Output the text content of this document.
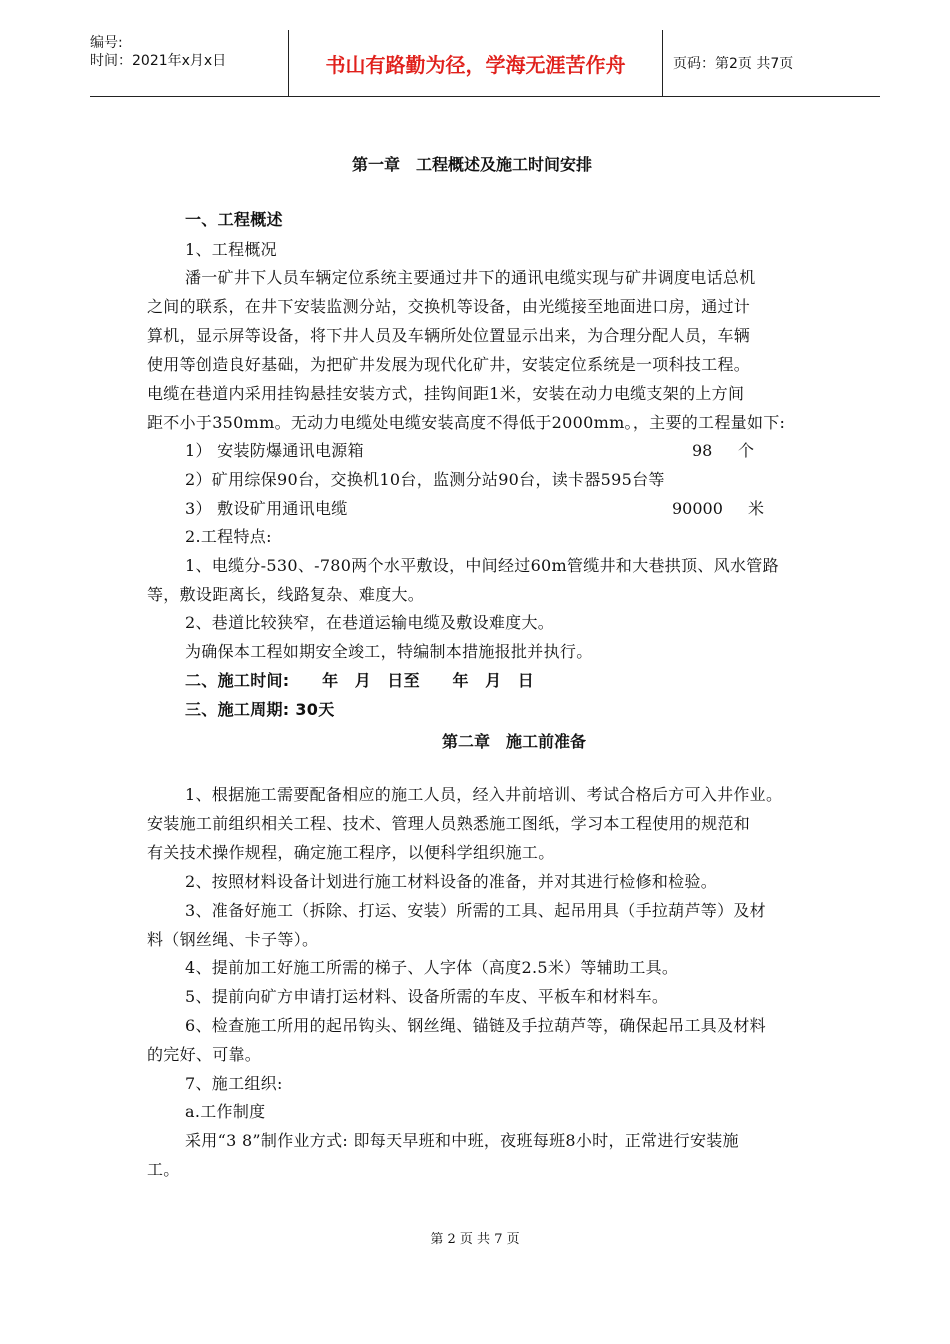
编号:
时间：2021年x月x日	书山有路勤为径，学海无涯苦作舟	页码：第2页 共7页
第一章　工程概述及施工时间安排
一、工程概述
1、工程概况
潘一矿井下人员车辆定位系统主要通过井下的通讯电缆实现与矿井调度电话总机
之间的联系，在井下安装监测分站，交换机等设备，由光缆接至地面进口房，通过计
算机，显示屏等设备，将下井人员及车辆所处位置显示出来，为合理分配人员，车辆
使用等创造良好基础，为把矿井发展为现代化矿井，安装定位系统是一项科技工程。
电缆在巷道内采用挂钩悬挂安装方式，挂钩间距1米，安装在动力电缆支架的上方间
距不小于350mm。无动力电缆处电缆安装高度不得低于2000mm。，主要的工程量如下:
1） 安装防爆通讯电源箱	98 个
2）矿用综保90台，交换机10台，监测分站90台，读卡器595台等
3） 敷设矿用通讯电缆	90000 米
2.工程特点:
1、电缆分-530、-780两个水平敷设，中间经过60m管缆井和大巷拱顶、风水管路
等，敷设距离长，线路复杂、难度大。
2、巷道比较狭窄，在巷道运输电缆及敷设难度大。
为确保本工程如期安全竣工，特编制本措施报批并执行。
二、施工时间:　　年　月　日至　　年　月　日
三、施工周期: 30天
第二章　施工前准备
1、根据施工需要配备相应的施工人员，经入井前培训、考试合格后方可入井作业。
安装施工前组织相关工程、技术、管理人员熟悉施工图纸，学习本工程使用的规范和
有关技术操作规程，确定施工程序，以便科学组织施工。
2、按照材料设备计划进行施工材料设备的准备，并对其进行检修和检验。
3、准备好施工（拆除、打运、安装）所需的工具、起吊用具（手拉葫芦等）及材
料（钢丝绳、卡子等）。
4、提前加工好施工所需的梯子、人字体（高度2.5米）等辅助工具。
5、提前向矿方申请打运材料、设备所需的车皮、平板车和材料车。
6、检查施工所用的起吊钩头、钢丝绳、锚链及手拉葫芦等，确保起吊工具及材料
的完好、可靠。
7、施工组织:
a.工作制度
采用“3 8”制作业方式: 即每天早班和中班，夜班每班8小时，正常进行安装施
工。
第 2 页 共 7 页
